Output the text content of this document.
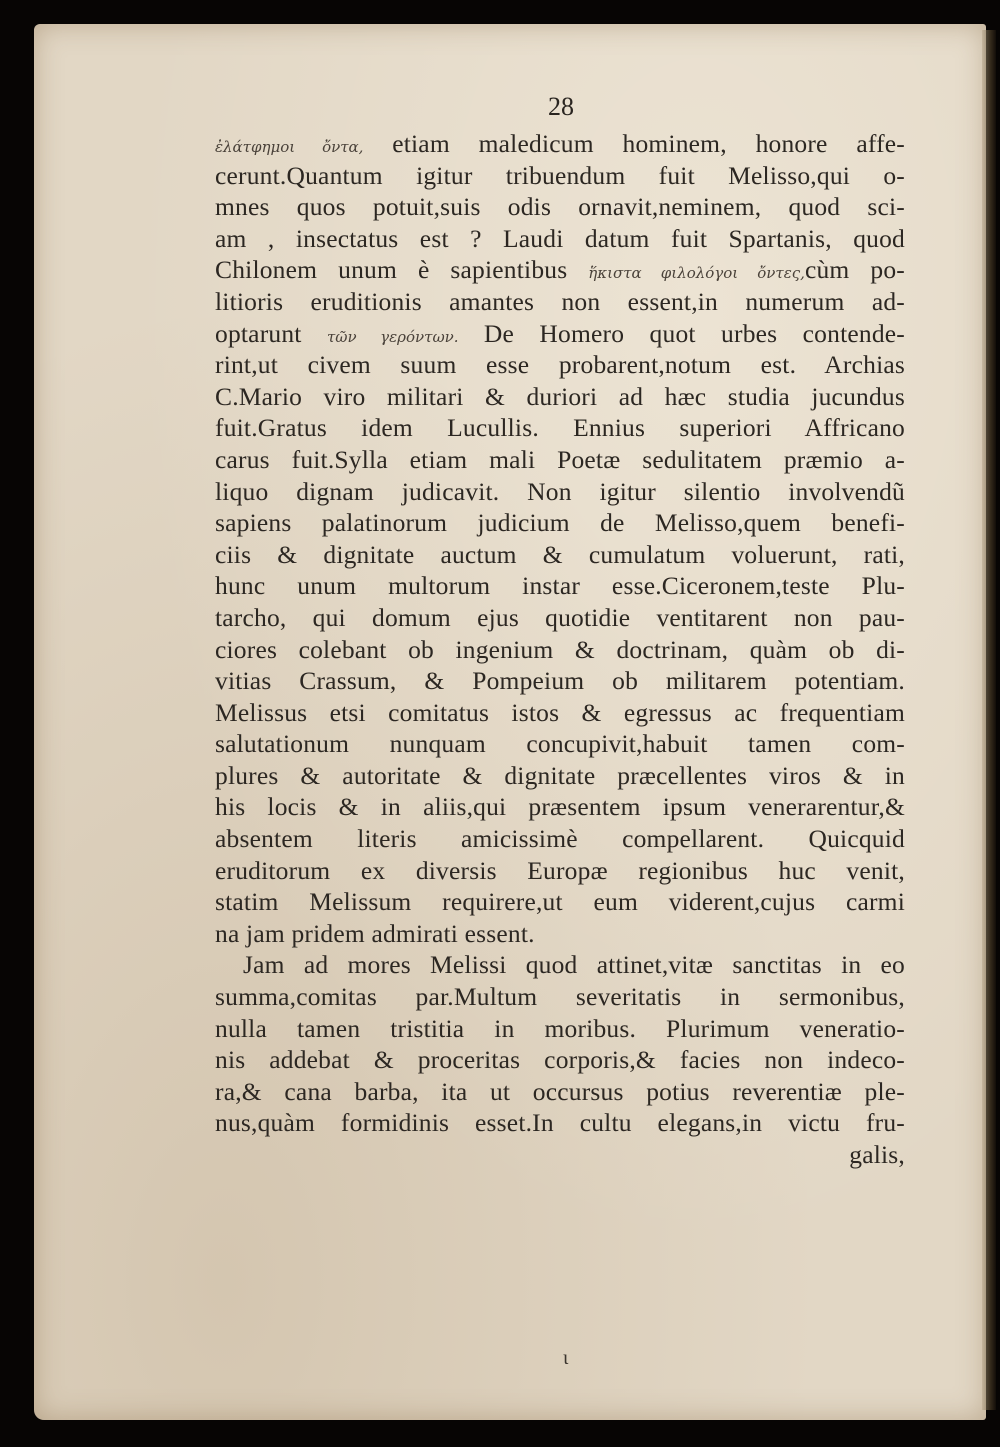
28
ἐλάτφημοι ὄντα, etiam maledicum hominem, honore affe-
cerunt.Quantum igitur tribuendum fuit Melisso,qui o-
mnes quos potuit,suis odis ornavit,neminem, quod sci-
am , insectatus est ? Laudi datum fuit Spartanis, quod
Chilonem unum è sapientibus ἥκιστα φιλολόγοι ὄντες,cùm po-
litioris eruditionis amantes non essent,in numerum ad-
optarunt τῶν γερόντων. De Homero quot urbes contende-
rint,ut civem suum esse probarent,notum est. Archias
C.Mario viro militari & duriori ad hæc studia jucundus
fuit.Gratus idem Lucullis. Ennius superiori Affricano
carus fuit.Sylla etiam mali Poetæ sedulitatem præmio a-
liquo dignam judicavit. Non igitur silentio involvendũ
sapiens palatinorum judicium de Melisso,quem benefi-
ciis & dignitate auctum & cumulatum voluerunt, rati,
hunc unum multorum instar esse.Ciceronem,teste Plu-
tarcho, qui domum ejus quotidie ventitarent non pau-
ciores colebant ob ingenium & doctrinam, quàm ob di-
vitias Crassum, & Pompeium ob militarem potentiam.
Melissus etsi comitatus istos & egressus ac frequentiam
salutationum nunquam concupivit,habuit tamen com-
plures & autoritate & dignitate præcellentes viros & in
his locis & in aliis,qui præsentem ipsum venerarentur,&
absentem literis amicissimè compellarent. Quicquid
eruditorum ex diversis Europæ regionibus huc venit,
statim Melissum requirere,ut eum viderent,cujus carmi
na jam pridem admirati essent.
Jam ad mores Melissi quod attinet,vitæ sanctitas in eo
summa,comitas par.Multum severitatis in sermonibus,
nulla tamen tristitia in moribus. Plurimum veneratio-
nis addebat & proceritas corporis,& facies non indeco-
ra,& cana barba, ita ut occursus potius reverentiæ ple-
nus,quàm formidinis esset.In cultu elegans,in victu fru-
galis,
ι
